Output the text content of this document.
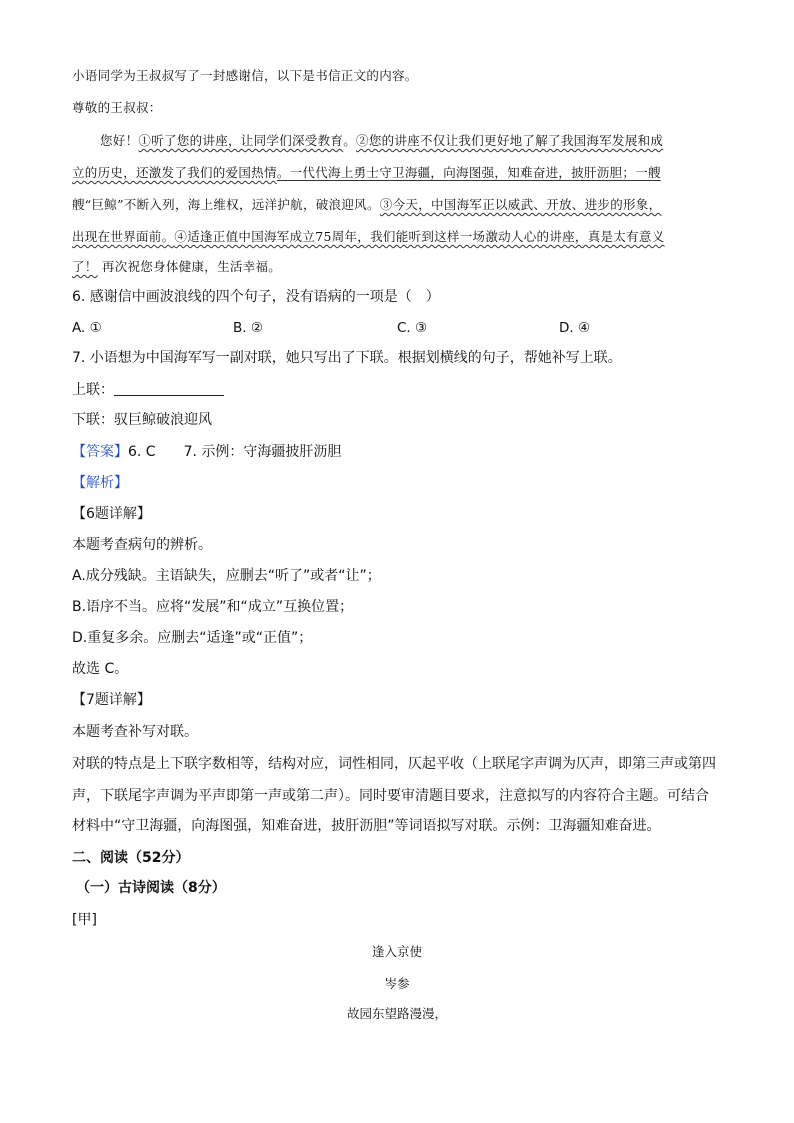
小语同学为王叔叔写了一封感谢信，以下是书信正文的内容。
尊敬的王叔叔：
您好！①听了您的讲座，让同学们深受教育。②您的讲座不仅让我们更好地了解了我国海军发展和成
立的历史，还激发了我们的爱国热情。一代代海上勇士守卫海疆，向海图强，知难奋进，披肝沥胆；一艘
艘“巨鲸”不断入列，海上维权，远洋护航，破浪迎风。③今天，中国海军正以威武、开放、进步的形象，
出现在世界面前。④适逢正值中国海军成立75周年，我们能听到这样一场激动人心的讲座，真是太有意义
了！ 再次祝您身体健康，生活幸福。
6. 感谢信中画波浪线的四个句子，没有语病的一项是（　）
A. ①	B. ②	C. ③	D. ④
7. 小语想为中国海军写一副对联，她只写出了下联。根据划横线的句子，帮她补写上联。
上联：
下联：驭巨鲸破浪迎风
【答案】6. C　　7. 示例：守海疆披肝沥胆
【解析】
【6题详解】
本题考查病句的辨析。
A.成分残缺。主语缺失，应删去“听了”或者“让”；
B.语序不当。应将“发展”和“成立”互换位置；
D.重复多余。应删去“适逢”或“正值”；
故选 C。
【7题详解】
本题考查补写对联。
对联的特点是上下联字数相等，结构对应，词性相同，仄起平收（上联尾字声调为仄声，即第三声或第四
声，下联尾字声调为平声即第一声或第二声）。同时要审清题目要求，注意拟写的内容符合主题。可结合
材料中“守卫海疆，向海图强，知难奋进，披肝沥胆”等词语拟写对联。示例：卫海疆知难奋进。
二、阅读（52分）
（一）古诗阅读（8分）
[甲]
逢入京使
岑参
故园东望路漫漫，
